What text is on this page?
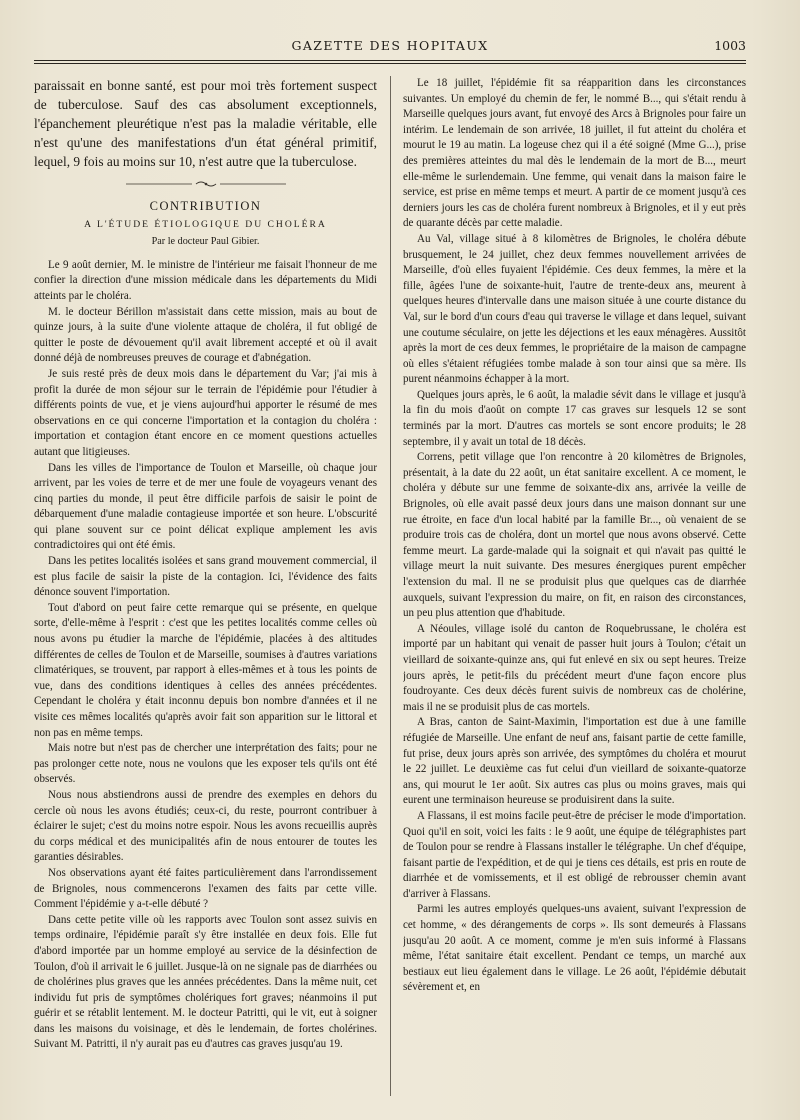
GAZETTE DES HOPITAUX	1003

paraissait en bonne santé, est pour moi très fortement suspect de tuberculose. Sauf des cas absolument exceptionnels, l'épanchement pleurétique n'est pas la maladie véritable, elle n'est qu'une des manifestations d'un état général primitif, lequel, 9 fois au moins sur 10, n'est autre que la tuberculose.

CONTRIBUTION
A L'ÉTUDE ÉTIOLOGIQUE DU CHOLÉRA
Par le docteur Paul Gibier.

Le 9 août dernier, M. le ministre de l'intérieur me faisait l'honneur de me confier la direction d'une mission médicale dans les départements du Midi atteints par le choléra.

M. le docteur Bérillon m'assistait dans cette mission, mais au bout de quinze jours, à la suite d'une violente attaque de choléra, il fut obligé de quitter le poste de dévouement qu'il avait librement accepté et où il avait donné déjà de nombreuses preuves de courage et d'abnégation.

Je suis resté près de deux mois dans le département du Var; j'ai mis à profit la durée de mon séjour sur le terrain de l'épidémie pour l'étudier à différents points de vue, et je viens aujourd'hui apporter le résumé de mes observations en ce qui concerne l'importation et la contagion du choléra : importation et contagion étant encore en ce moment questions actuelles autant que litigieuses.

Dans les villes de l'importance de Toulon et Marseille, où chaque jour arrivent, par les voies de terre et de mer une foule de voyageurs venant des cinq parties du monde, il peut être difficile parfois de saisir le point de débarquement d'une maladie contagieuse importée et son heure. L'obscurité qui plane souvent sur ce point délicat explique amplement les avis contradictoires qui ont été émis.

Dans les petites localités isolées et sans grand mouvement commercial, il est plus facile de saisir la piste de la contagion. Ici, l'évidence des faits dénonce souvent l'importation.

Tout d'abord on peut faire cette remarque qui se présente, en quelque sorte, d'elle-même à l'esprit : c'est que les petites localités comme celles où nous avons pu étudier la marche de l'épidémie, placées à des altitudes différentes de celles de Toulon et de Marseille, soumises à d'autres variations climatériques, se trouvent, par rapport à elles-mêmes et à tous les points de vue, dans des conditions identiques à celles des années précédentes. Cependant le choléra y était inconnu depuis bon nombre d'années et il ne visite ces mêmes localités qu'après avoir fait son apparition sur le littoral et non pas en même temps.

Mais notre but n'est pas de chercher une interprétation des faits; pour ne pas prolonger cette note, nous ne voulons que les exposer tels qu'ils ont été observés.

Nous nous abstiendrons aussi de prendre des exemples en dehors du cercle où nous les avons étudiés; ceux-ci, du reste, pourront contribuer à éclairer le sujet; c'est du moins notre espoir. Nous les avons recueillis auprès du corps médical et des municipalités afin de nous entourer de toutes les garanties désirables.

Nos observations ayant été faites particulièrement dans l'arrondissement de Brignoles, nous commencerons l'examen des faits par cette ville. Comment l'épidémie y a-t-elle débuté ?

Dans cette petite ville où les rapports avec Toulon sont assez suivis en temps ordinaire, l'épidémie paraît s'y être installée en deux fois. Elle fut d'abord importée par un homme employé au service de la désinfection de Toulon, d'où il arrivait le 6 juillet. Jusque-là on ne signale pas de diarrhées ou de cholérines plus graves que les années précédentes. Dans la même nuit, cet individu fut pris de symptômes cholériques fort graves; néanmoins il put guérir et se rétablit lentement. M. le docteur Patritti, qui le vit, eut à soigner dans les maisons du voisinage, et dès le lendemain, de fortes cholérines. Suivant M. Patritti, il n'y aurait pas eu d'autres cas graves jusqu'au 19.

Le 18 juillet, l'épidémie fit sa réapparition dans les circonstances suivantes. Un employé du chemin de fer, le nommé B..., qui s'était rendu à Marseille quelques jours avant, fut envoyé des Arcs à Brignoles pour faire un intérim. Le lendemain de son arrivée, 18 juillet, il fut atteint du choléra et mourut le 19 au matin. La logeuse chez qui il a été soigné (Mme G...), prise des premières atteintes du mal dès le lendemain de la mort de B..., meurt elle-même le surlendemain. Une femme, qui venait dans la maison faire le service, est prise en même temps et meurt. A partir de ce moment jusqu'à ces derniers jours les cas de choléra furent nombreux à Brignoles, et il y eut près de quarante décès par cette maladie.

Au Val, village situé à 8 kilomètres de Brignoles, le choléra débute brusquement, le 24 juillet, chez deux femmes nouvellement arrivées de Marseille, d'où elles fuyaient l'épidémie. Ces deux femmes, la mère et la fille, âgées l'une de soixante-huit, l'autre de trente-deux ans, meurent à quelques heures d'intervalle dans une maison située à une courte distance du Val, sur le bord d'un cours d'eau qui traverse le village et dans lequel, suivant une coutume séculaire, on jette les déjections et les eaux ménagères. Aussitôt après la mort de ces deux femmes, le propriétaire de la maison de campagne où elles s'étaient réfugiées tombe malade à son tour ainsi que sa mère. Ils purent néanmoins échapper à la mort.

Quelques jours après, le 6 août, la maladie sévit dans le village et jusqu'à la fin du mois d'août on compte 17 cas graves sur lesquels 12 se sont terminés par la mort. D'autres cas mortels se sont encore produits; le 28 septembre, il y avait un total de 18 décès.

Correns, petit village que l'on rencontre à 20 kilomètres de Brignoles, présentait, à la date du 22 août, un état sanitaire excellent. A ce moment, le choléra y débute sur une femme de soixante-dix ans, arrivée la veille de Brignoles, où elle avait passé deux jours dans une maison donnant sur une rue étroite, en face d'un local habité par la famille Br..., où venaient de se produire trois cas de choléra, dont un mortel que nous avons observé. Cette femme meurt. La garde-malade qui la soignait et qui n'avait pas quitté le village meurt la nuit suivante. Des mesures énergiques purent empêcher l'extension du mal. Il ne se produisit plus que quelques cas de diarrhée auxquels, suivant l'expression du maire, on fit, en raison des circonstances, un peu plus attention que d'habitude.

A Néoules, village isolé du canton de Roquebrussane, le choléra est importé par un habitant qui venait de passer huit jours à Toulon; c'était un vieillard de soixante-quinze ans, qui fut enlevé en six ou sept heures. Treize jours après, le petit-fils du précédent meurt d'une façon encore plus foudroyante. Ces deux décès furent suivis de nombreux cas de cholérine, mais il ne se produisit plus de cas mortels.

A Bras, canton de Saint-Maximin, l'importation est due à une famille réfugiée de Marseille. Une enfant de neuf ans, faisant partie de cette famille, fut prise, deux jours après son arrivée, des symptômes du choléra et mourut le 22 juillet. Le deuxième cas fut celui d'un vieillard de soixante-quatorze ans, qui mourut le 1er août. Six autres cas plus ou moins graves, mais qui eurent une terminaison heureuse se produisirent dans la suite.

A Flassans, il est moins facile peut-être de préciser le mode d'importation. Quoi qu'il en soit, voici les faits : le 9 août, une équipe de télégraphistes part de Toulon pour se rendre à Flassans installer le télégraphe. Un chef d'équipe, faisant partie de l'expédition, et de qui je tiens ces détails, est pris en route de diarrhée et de vomissements, et il est obligé de rebrousser chemin avant d'arriver à Flassans.

Parmi les autres employés quelques-uns avaient, suivant l'expression de cet homme, « des dérangements de corps ». Ils sont demeurés à Flassans jusqu'au 20 août. A ce moment, comme je m'en suis informé à Flassans même, l'état sanitaire était excellent. Pendant ce temps, un marché aux bestiaux eut lieu également dans le village. Le 26 août, l'épidémie débutait sévèrement et, en
